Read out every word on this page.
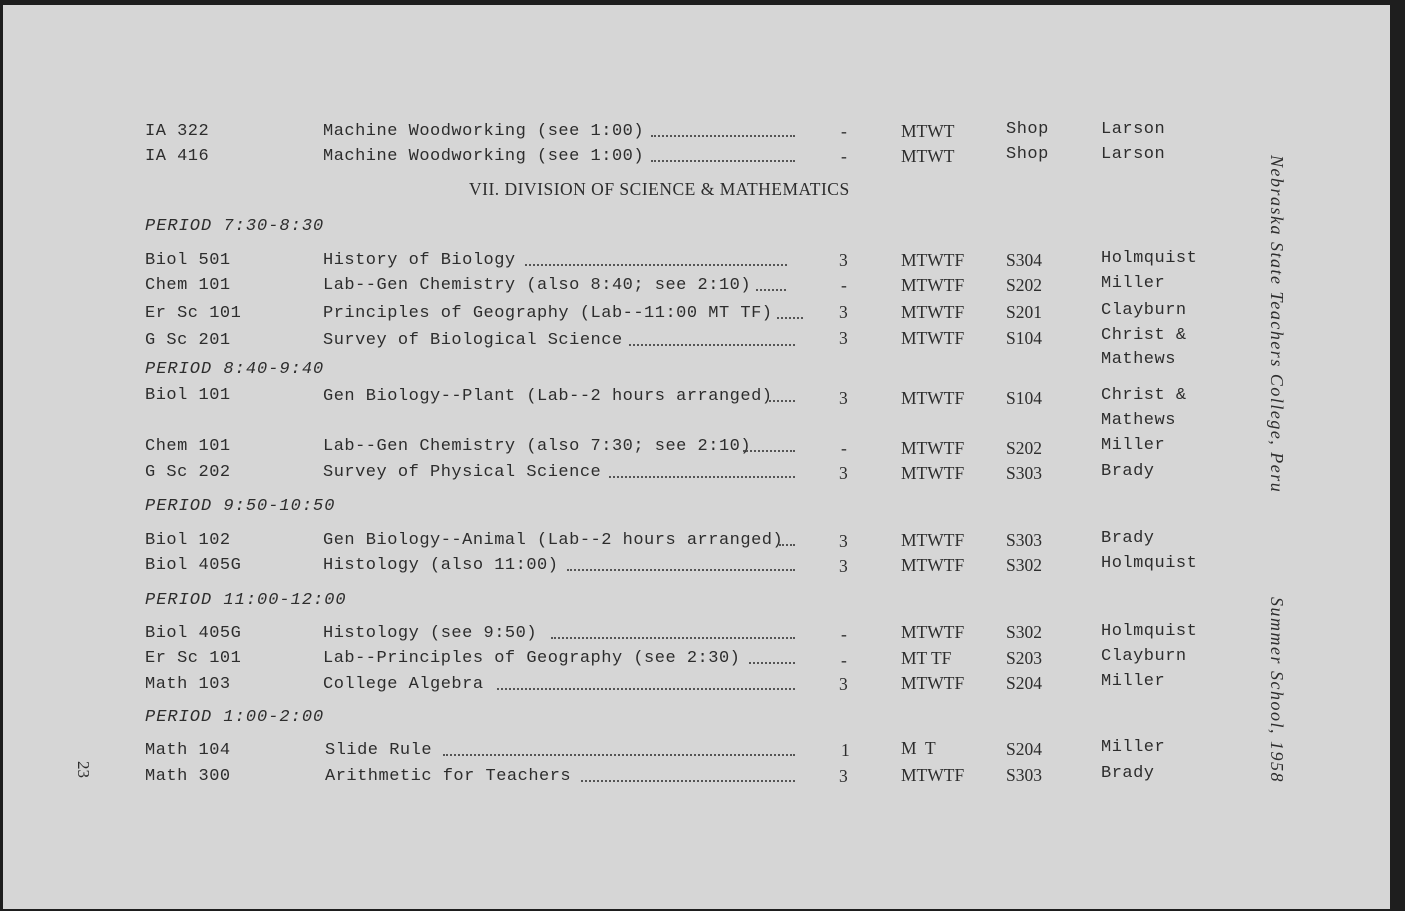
IA 322	Machine Woodworking (see 1:00)	-	MTWT	Shop	Larson
IA 416	Machine Woodworking (see 1:00)	-	MTWT	Shop	Larson
VII. DIVISION OF SCIENCE & MATHEMATICS
PERIOD 7:30-8:30
Biol 501	History of Biology	3	MTWTF S304	Holmquist
Chem 101	Lab--Gen Chemistry (also 8:40; see 2:10)	-	MTWTF S202	Miller
Er Sc 101	Principles of Geography (Lab--11:00 MT TF)	3	MTWTF S201	Clayburn
G Sc 201	Survey of Biological Science	3	MTWTF S104	Christ &
Mathews
PERIOD 8:40-9:40
Biol 101	Gen Biology--Plant (Lab--2 hours arranged)	3	MTWTF S104	Christ &
Mathews
Chem 101	Lab--Gen Chemistry (also 7:30; see 2:10)	-	MTWTF S202	Miller
G Sc 202	Survey of Physical Science	3	MTWTF S303	Brady
PERIOD 9:50-10:50
Biol 102	Gen Biology--Animal (Lab--2 hours arranged)	3	MTWTF S303	Brady
Biol 405G	Histology (also 11:00)	3	MTWTF S302	Holmquist
PERIOD 11:00-12:00
Biol 405G	Histology (see 9:50)	-	MTWTF S302	Holmquist
Er Sc 101	Lab--Principles of Geography (see 2:30)	-	MT TF	S203	Clayburn
Math 103	College Algebra	3	MTWTF S204	Miller
PERIOD 1:00-2:00
Math 104	Slide Rule	1	M  T	S204	Miller
Math 300	Arithmetic for Teachers	3	MTWTF S303	Brady
Nebraska State Teachers College, Peru
Summer School, 1958
23
